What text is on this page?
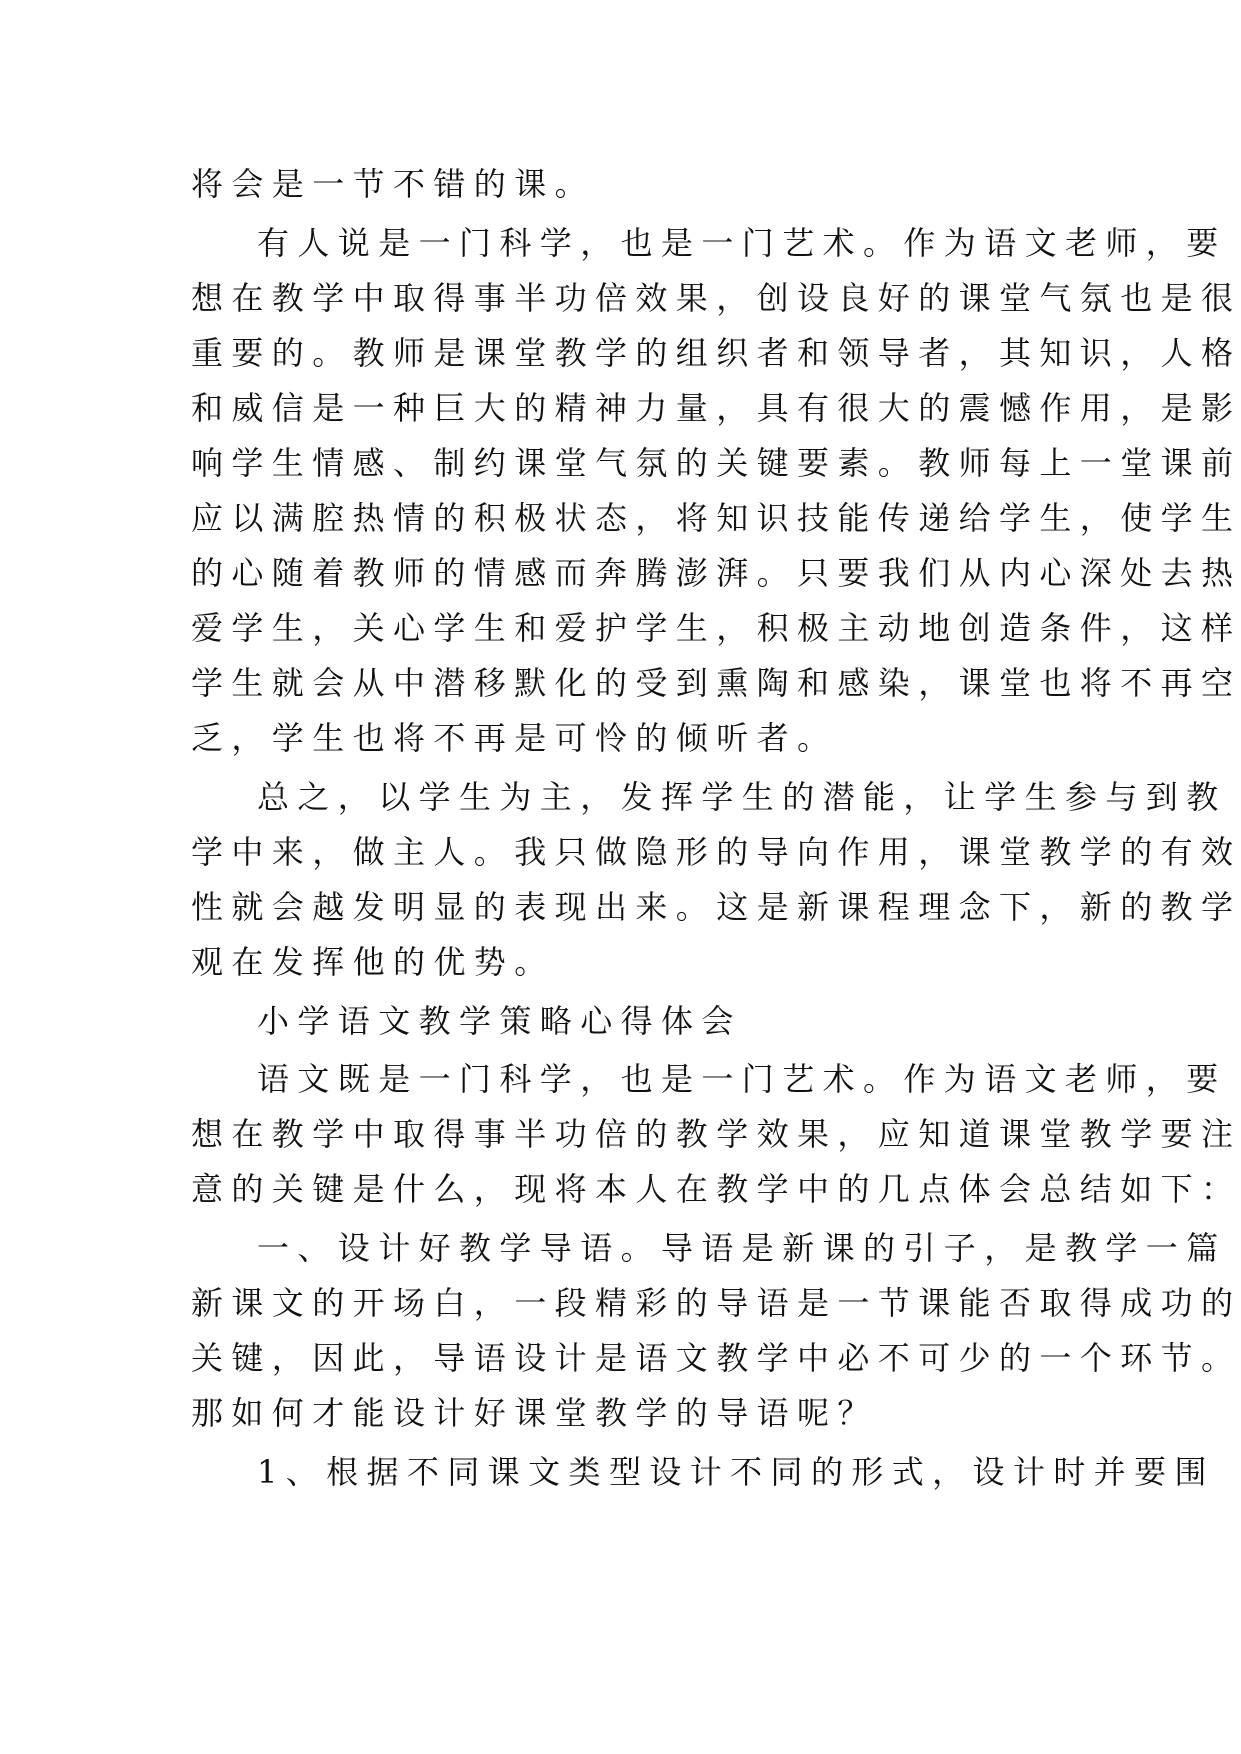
将会是一节不错的课。
有人说是一门科学，也是一门艺术。作为语文老师，要
想在教学中取得事半功倍效果，创设良好的课堂气氛也是很
重要的。教师是课堂教学的组织者和领导者，其知识，人格
和威信是一种巨大的精神力量，具有很大的震憾作用，是影
响学生情感、制约课堂气氛的关键要素。教师每上一堂课前
应以满腔热情的积极状态，将知识技能传递给学生，使学生
的心随着教师的情感而奔腾澎湃。只要我们从内心深处去热
爱学生，关心学生和爱护学生，积极主动地创造条件，这样
学生就会从中潜移默化的受到熏陶和感染，课堂也将不再空
乏，学生也将不再是可怜的倾听者。
总之，以学生为主，发挥学生的潜能，让学生参与到教
学中来，做主人。我只做隐形的导向作用，课堂教学的有效
性就会越发明显的表现出来。这是新课程理念下，新的教学
观在发挥他的优势。
小学语文教学策略心得体会
语文既是一门科学，也是一门艺术。作为语文老师，要
想在教学中取得事半功倍的教学效果，应知道课堂教学要注
意的关键是什么，现将本人在教学中的几点体会总结如下：
一、设计好教学导语。导语是新课的引子，是教学一篇
新课文的开场白，一段精彩的导语是一节课能否取得成功的
关键，因此，导语设计是语文教学中必不可少的一个环节。
那如何才能设计好课堂教学的导语呢？
1、根据不同课文类型设计不同的形式，设计时并要围
